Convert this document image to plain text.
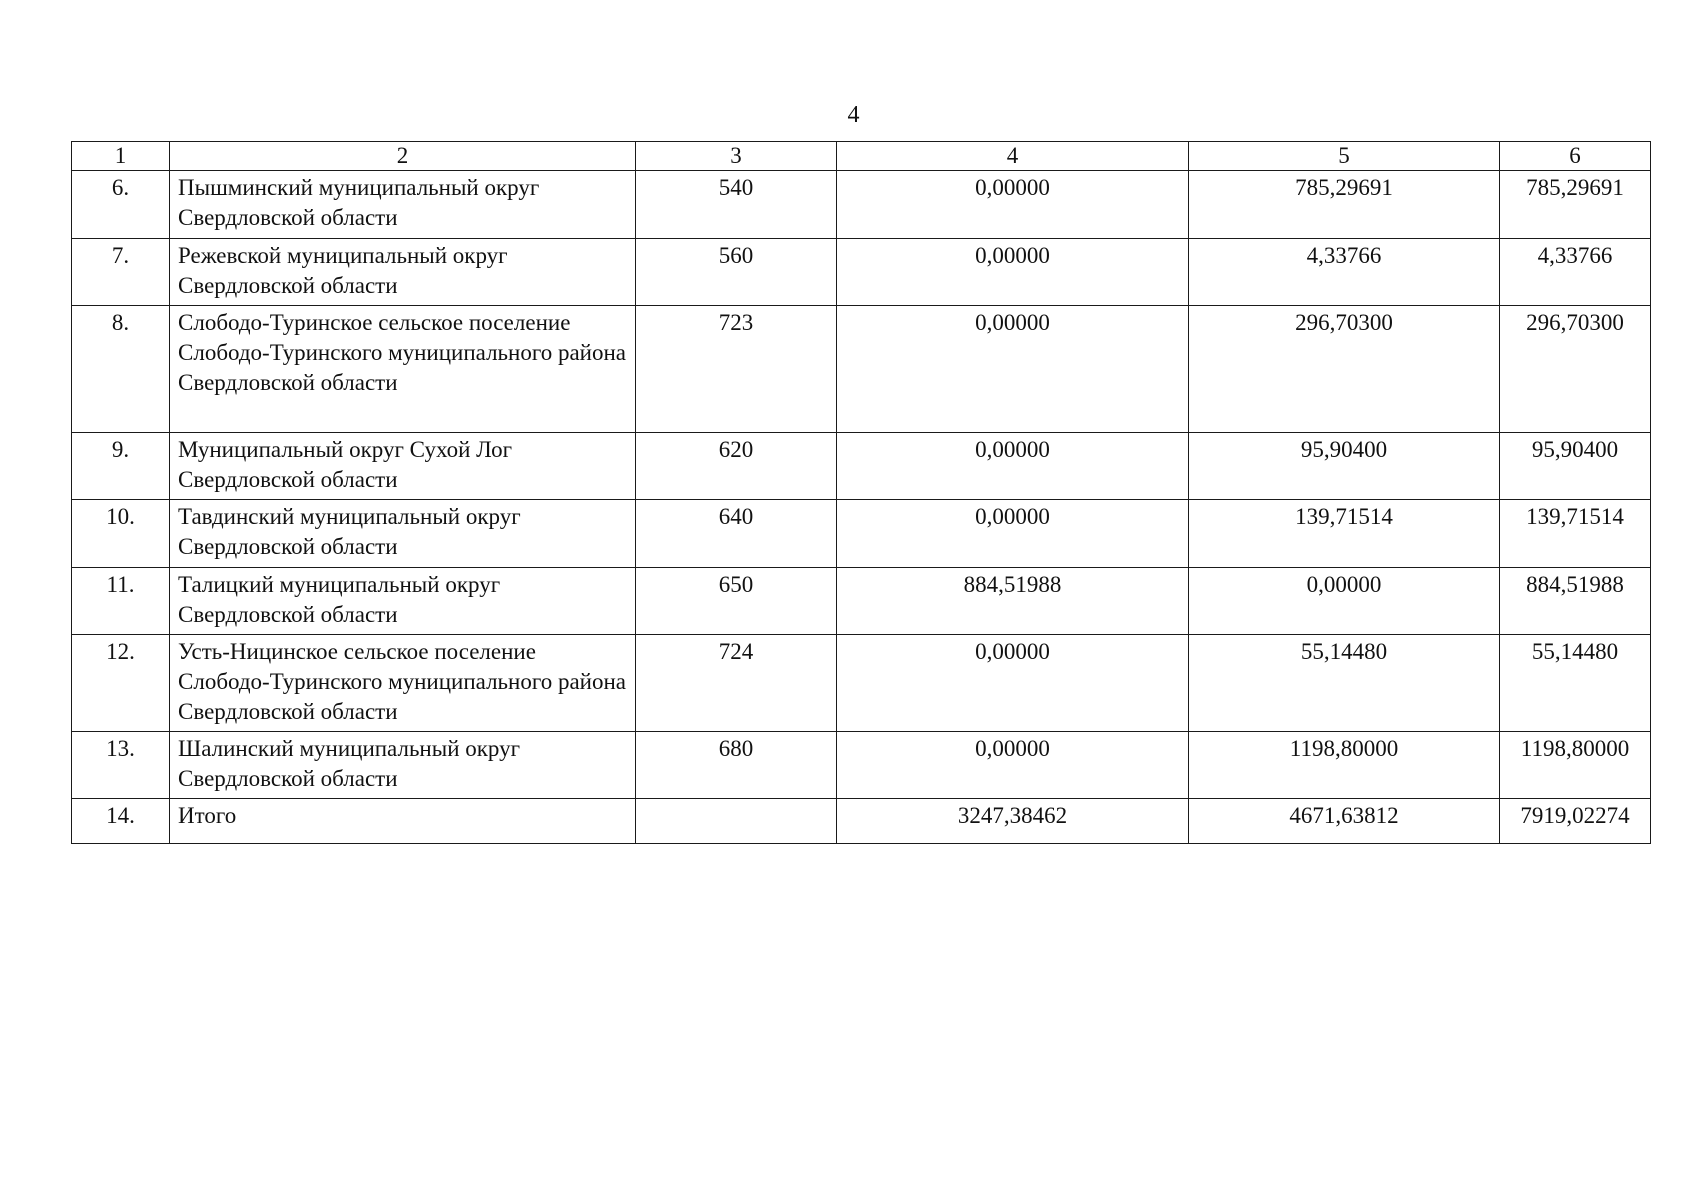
4
1	2	3	4	5	6
6.	Пышминский муниципальный округ Свердловской области	540	0,00000	785,29691	785,29691
7.	Режевской муниципальный округ Свердловской области	560	0,00000	4,33766	4,33766
8.	Слободо-Туринское сельское поселение Слободо-Туринского муниципального района Свердловской области	723	0,00000	296,70300	296,70300
9.	Муниципальный округ Сухой Лог Свердловской области	620	0,00000	95,90400	95,90400
10.	Тавдинский муниципальный округ Свердловской области	640	0,00000	139,71514	139,71514
11.	Талицкий муниципальный округ Свердловской области	650	884,51988	0,00000	884,51988
12.	Усть-Ницинское сельское поселение Слободо-Туринского муниципального района Свердловской области	724	0,00000	55,14480	55,14480
13.	Шалинский муниципальный округ Свердловской области	680	0,00000	1198,80000	1198,80000
14.	Итого		3247,38462	4671,63812	7919,02274
